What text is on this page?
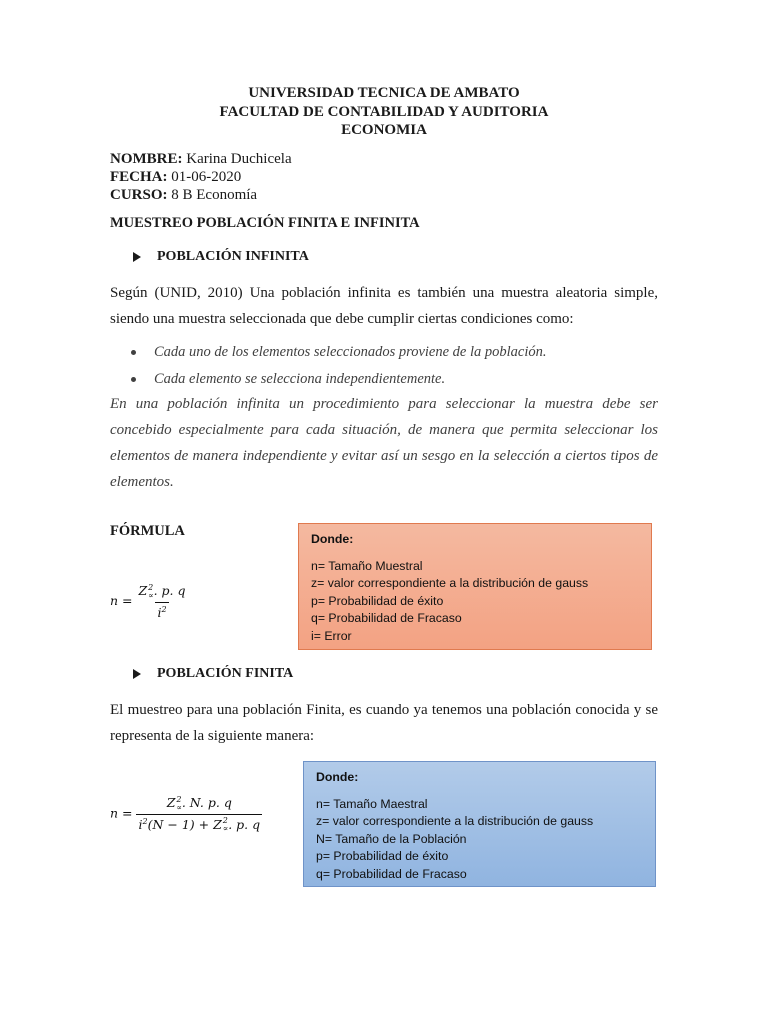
UNIVERSIDAD TECNICA DE AMBATO
FACULTAD DE CONTABILIDAD Y AUDITORIA
ECONOMIA
NOMBRE: Karina Duchicela
FECHA: 01-06-2020
CURSO: 8 B Economía
MUESTREO POBLACIÓN FINITA E INFINITA
POBLACIÓN INFINITA
Según (UNID, 2010) Una población infinita es también una muestra aleatoria simple, siendo una muestra seleccionada que debe cumplir ciertas condiciones como:
Cada uno de los elementos seleccionados proviene de la población.
Cada elemento se selecciona independientemente.
En una población infinita un procedimiento para seleccionar la muestra debe ser concebido especialmente para cada situación, de manera que permita seleccionar los elementos de manera independiente y evitar así un sesgo en la selección a ciertos tipos de elementos.
FÓRMULA
n = Z 2
∝ . p. q
$i^2$
Donde:
n= Tamaño Muestral
z= valor correspondiente a la distribución de gauss
p= Probabilidad de éxito
q= Probabilidad de Fracaso
i= Error
POBLACIÓN FINITA
El muestreo para una población Finita, es cuando ya tenemos una población conocida y se representa de la siguiente manera:
n = Z 2
∝ . N. p. q
$i^2(N - 1) + Z$ 2
∝ . p. q
Donde:
n= Tamaño Maestral
z= valor correspondiente a la distribución de gauss
N= Tamaño de la Población
p= Probabilidad de éxito
q= Probabilidad de Fracaso
